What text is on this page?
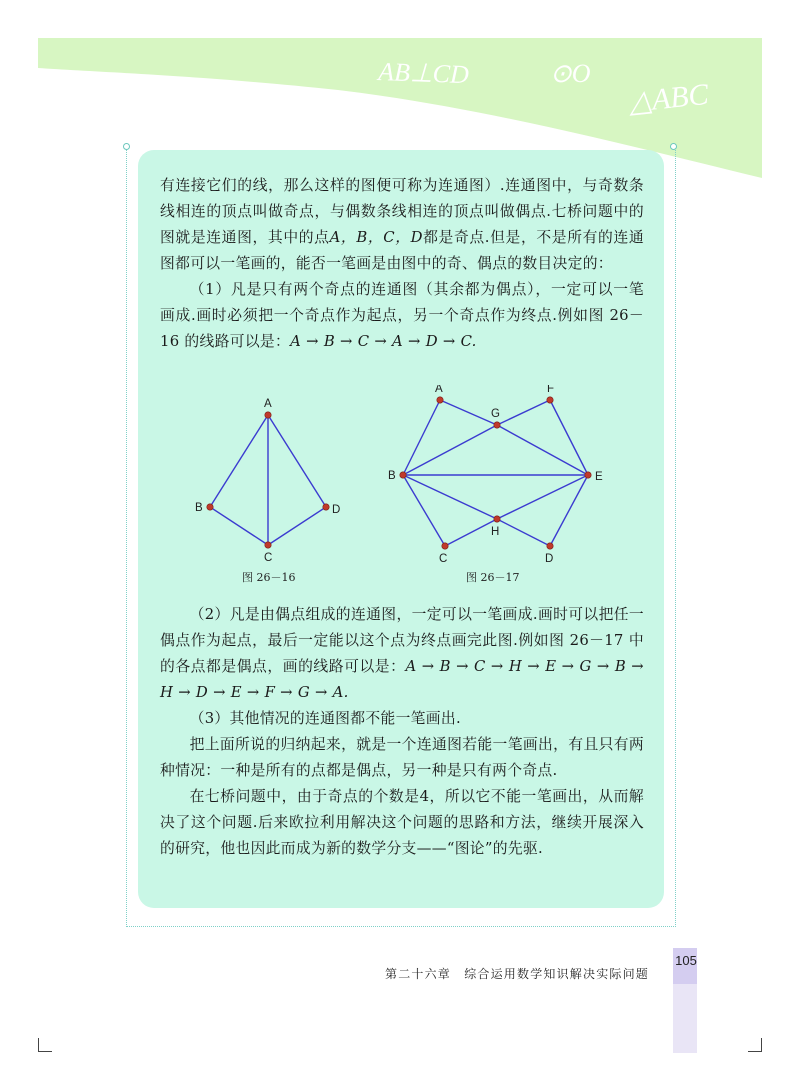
AB⊥CD	⊙O
△ABC

有连接它们的线，那么这样的图便可称为连通图）.连通图中，与奇数条线相连的顶点叫做奇点，与偶数条线相连的顶点叫做偶点.七桥问题中的图就是连通图，其中的点A，B，C，D都是奇点.但是，不是所有的连通图都可以一笔画的，能否一笔画是由图中的奇、偶点的数目决定的：

（1）凡是只有两个奇点的连通图（其余都为偶点），一定可以一笔画成.画时必须把一个奇点作为起点，另一个奇点作为终点.例如图 26－16 的线路可以是：A → B → C → A → D → C.

A
B
C
D
A	F
G
B	E
H
C	D
图 26－16	图 26－17

（2）凡是由偶点组成的连通图，一定可以一笔画成.画时可以把任一偶点作为起点，最后一定能以这个点为终点画完此图.例如图 26－17 中的各点都是偶点，画的线路可以是：A → B → C → H → E → G → B → H → D → E → F → G → A.

（3）其他情况的连通图都不能一笔画出.

把上面所说的归纳起来，就是一个连通图若能一笔画出，有且只有两种情况：一种是所有的点都是偶点，另一种是只有两个奇点.

在七桥问题中，由于奇点的个数是4，所以它不能一笔画出，从而解决了这个问题.后来欧拉利用解决这个问题的思路和方法，继续开展深入的研究，他也因此而成为新的数学分支——“图论”的先驱.

第二十六章　综合运用数学知识解决实际问题
105
